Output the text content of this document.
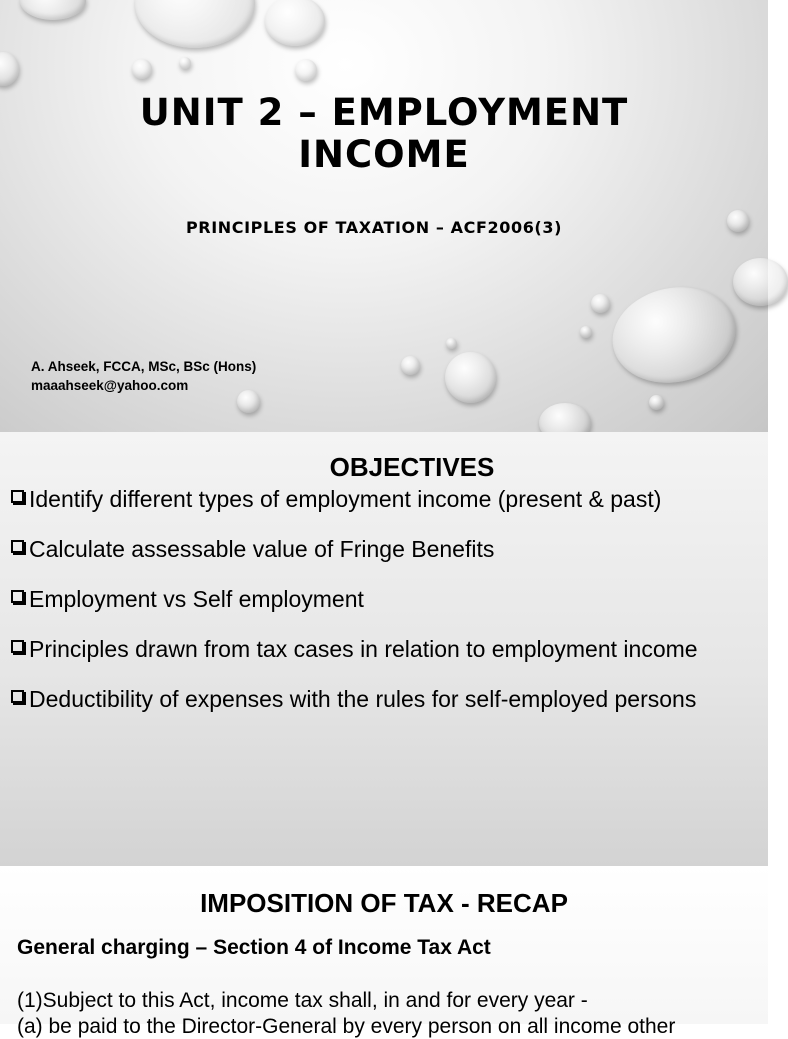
UNIT 2 – EMPLOYMENT
INCOME

PRINCIPLES OF TAXATION – ACF2006(3)

A. Ahseek, FCCA, MSc, BSc (Hons)
maaahseek@yahoo.com
OBJECTIVES
Identify different types of employment income (present & past)
Calculate assessable value of Fringe Benefits
Employment vs Self employment
Principles drawn from tax cases in relation to employment income
Deductibility of expenses with the rules for self-employed persons
IMPOSITION OF TAX - RECAP
General charging – Section 4 of Income Tax Act
(1)Subject to this Act, income tax shall, in and for every year -
(a) be paid to the Director-General by every person on all income other
